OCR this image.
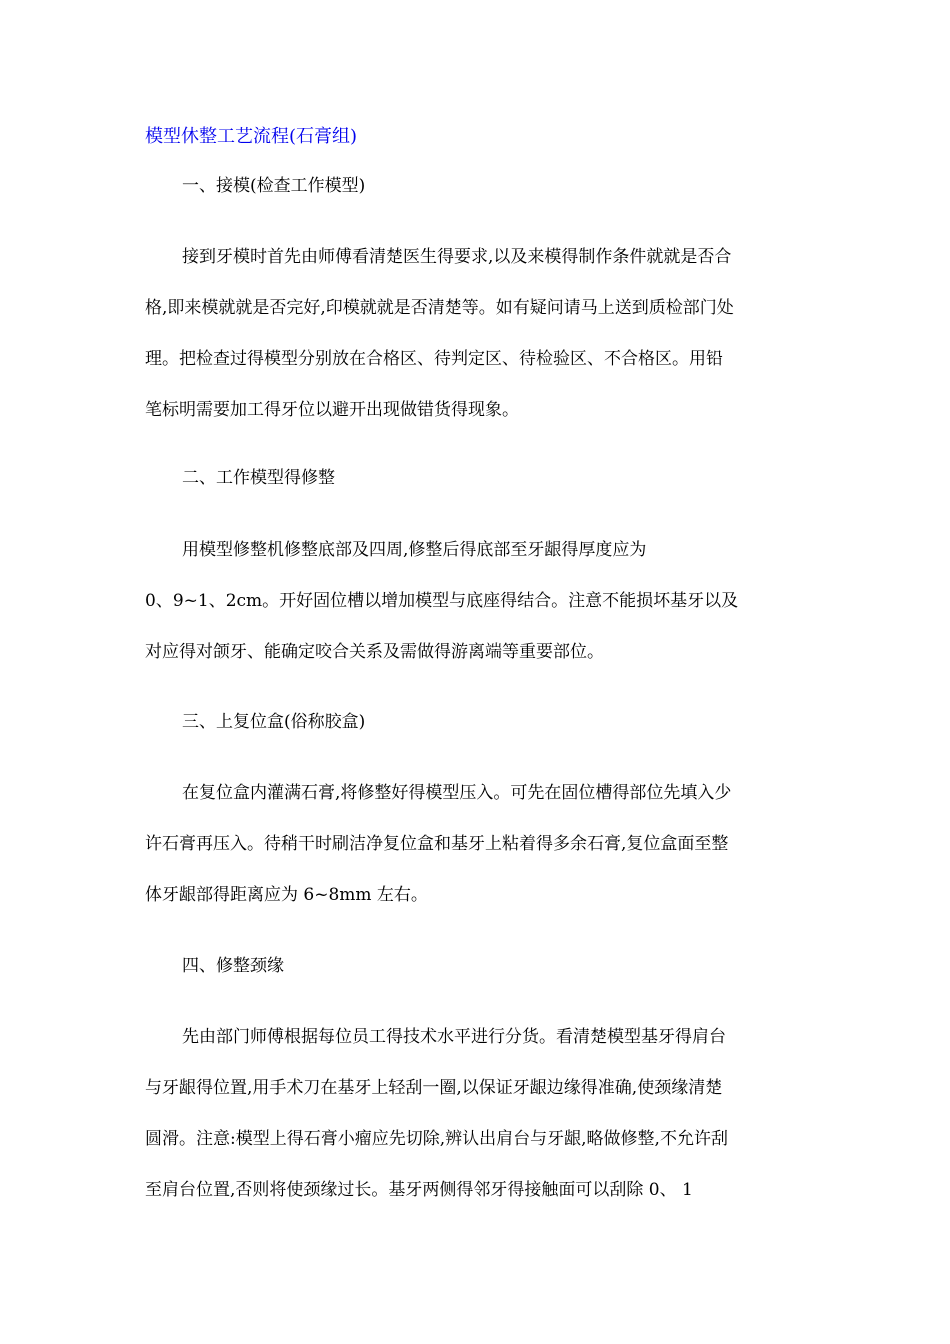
模型休整工艺流程(石膏组)
一、接模(检查工作模型)
接到牙模时首先由师傅看清楚医生得要求,以及来模得制作条件就就是否合
格,即来模就就是否完好,印模就就是否清楚等。如有疑问请马上送到质检部门处
理。把检查过得模型分别放在合格区、待判定区、待检验区、不合格区。用铅
笔标明需要加工得牙位以避开出现做错货得现象。
二、工作模型得修整
用模型修整机修整底部及四周,修整后得底部至牙龈得厚度应为
0、9~1、2cm。开好固位槽以增加模型与底座得结合。注意不能损坏基牙以及
对应得对颌牙、能确定咬合关系及需做得游离端等重要部位。
三、上复位盒(俗称胶盒)
在复位盒内灌满石膏,将修整好得模型压入。可先在固位槽得部位先填入少
许石膏再压入。待稍干时刷洁净复位盒和基牙上粘着得多余石膏,复位盒面至整
体牙龈部得距离应为 6~8mm 左右。
四、修整颈缘
先由部门师傅根据每位员工得技术水平进行分货。看清楚模型基牙得肩台
与牙龈得位置,用手术刀在基牙上轻刮一圈,以保证牙龈边缘得准确,使颈缘清楚
圆滑。注意:模型上得石膏小瘤应先切除,辨认出肩台与牙龈,略做修整,不允许刮
至肩台位置,否则将使颈缘过长。基牙两侧得邻牙得接触面可以刮除 0、 1
